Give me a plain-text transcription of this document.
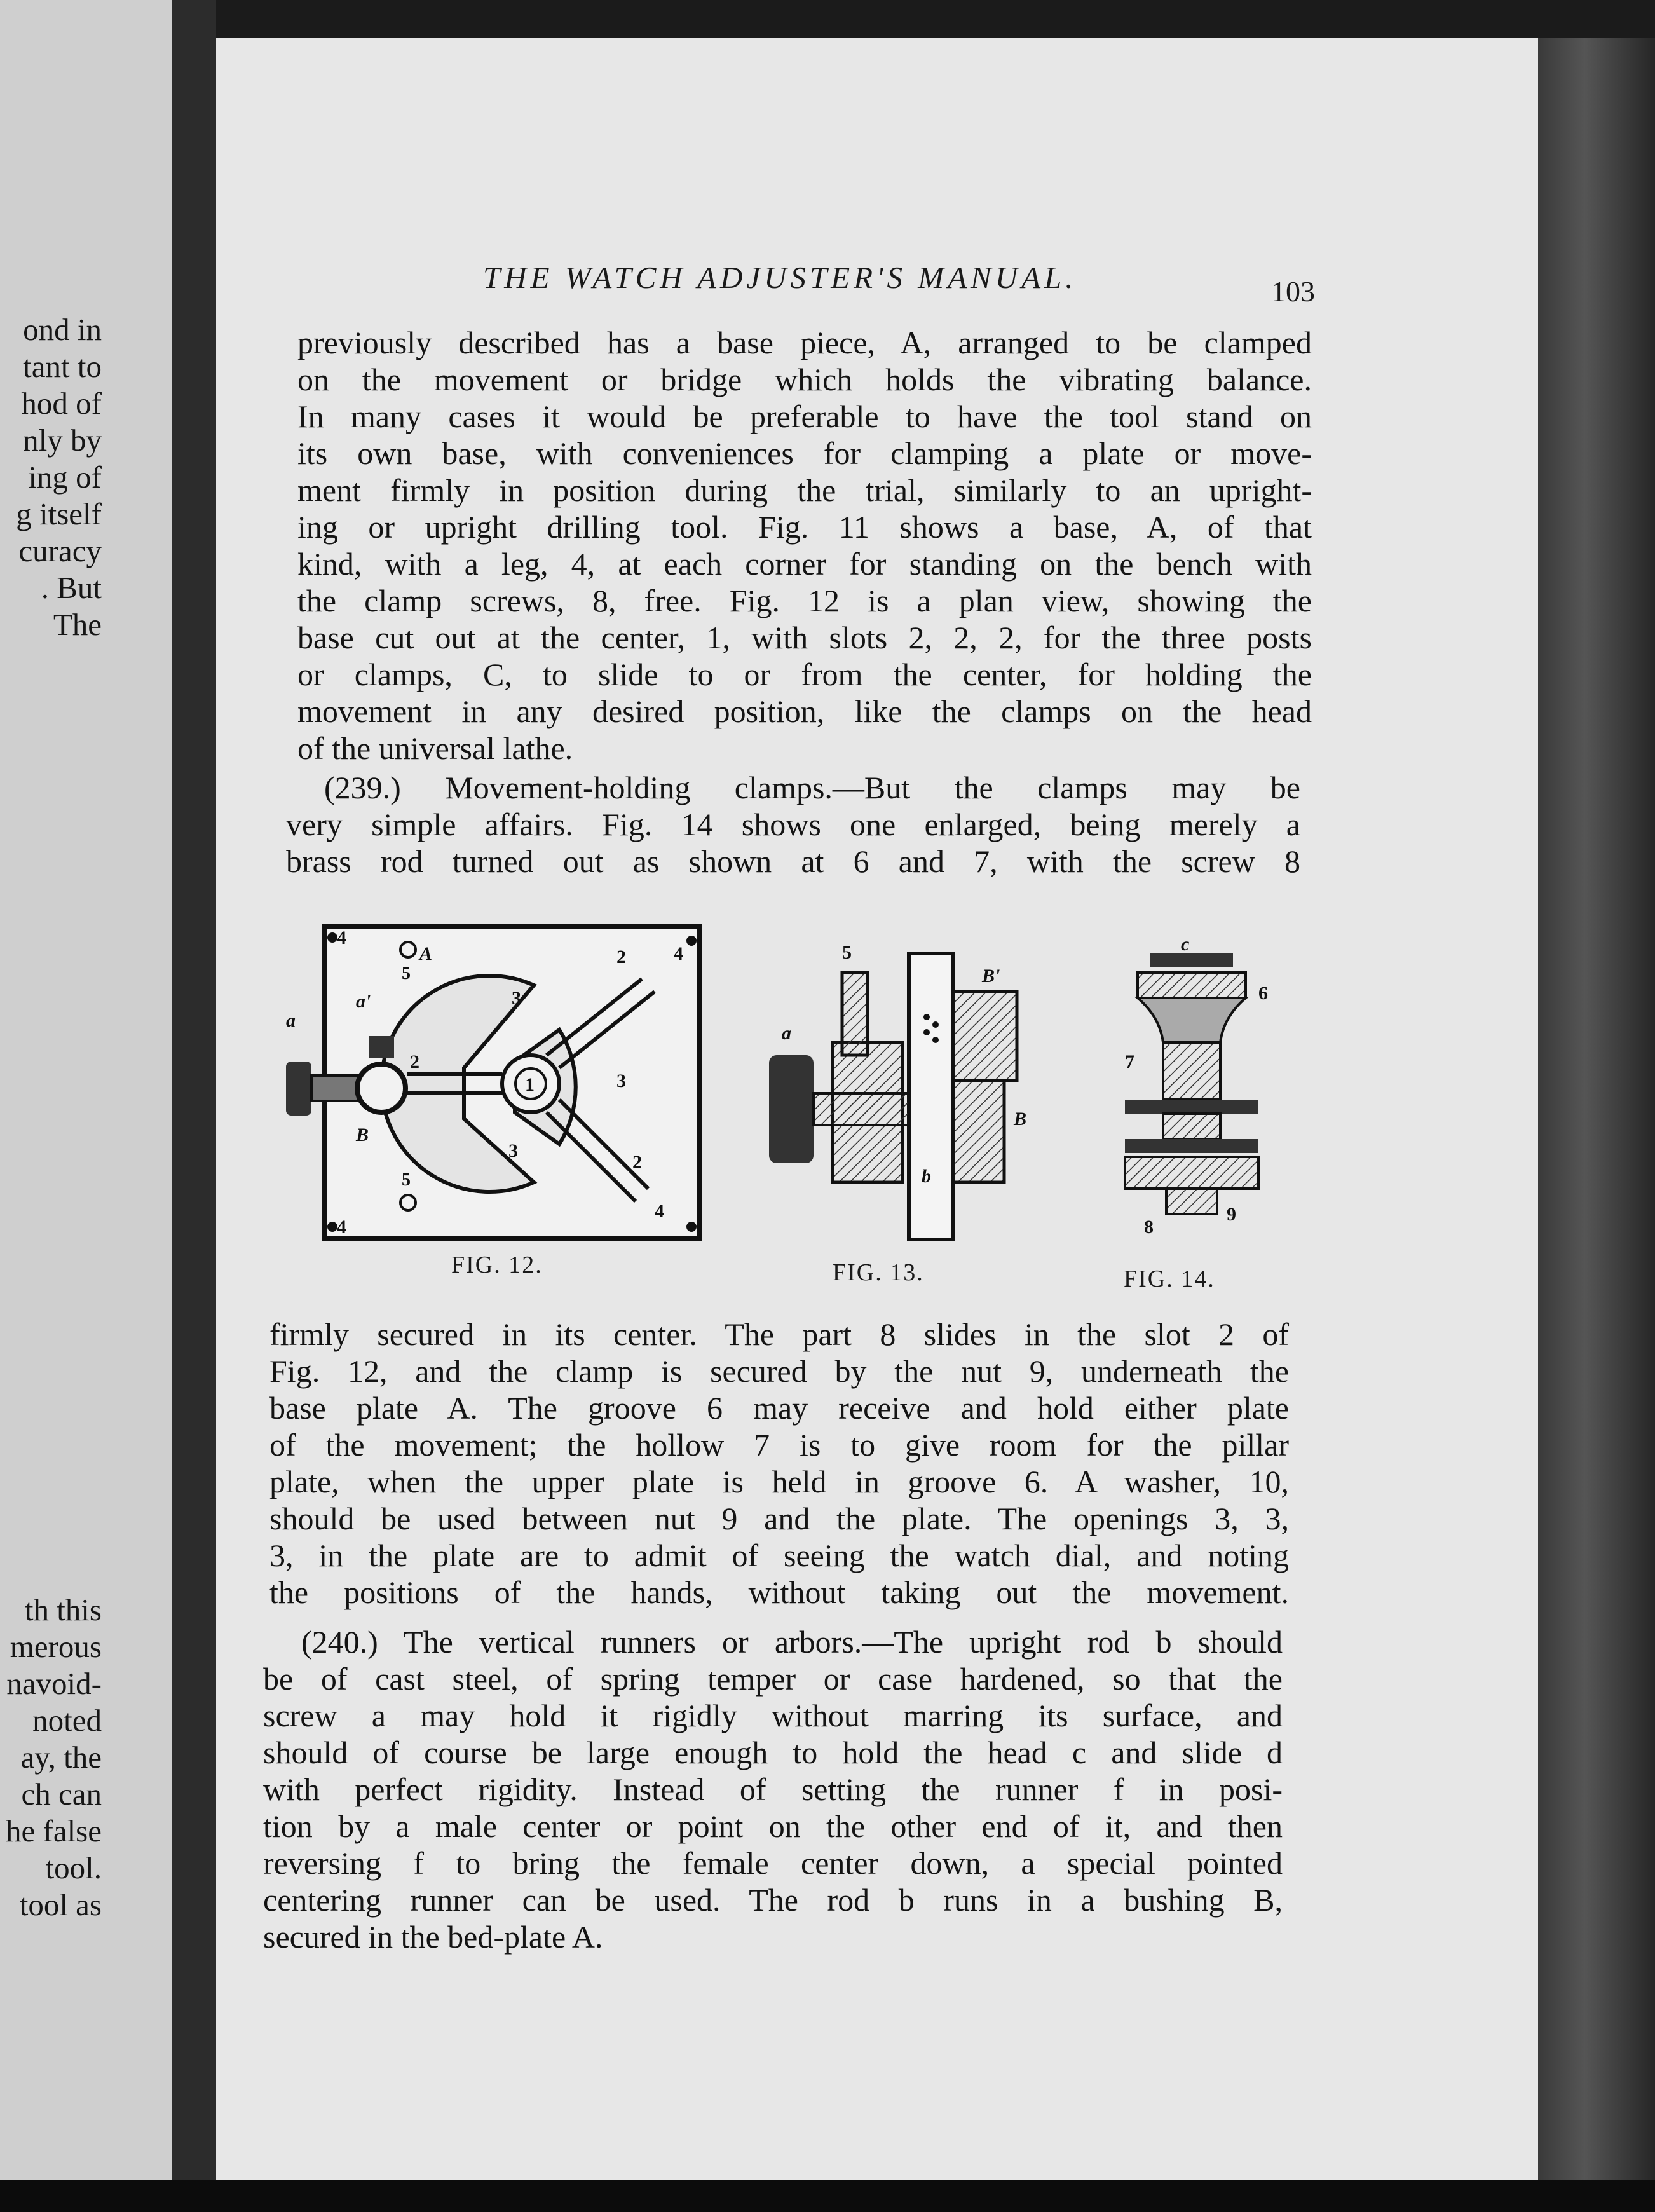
ond in
tant to
hod of
nly by
ing of
g itself
curacy
. But
The
th this
merous
navoid-
noted
ay, the
ch can
he false
tool.
tool as
THE WATCH ADJUSTER'S MANUAL.	103
previously described has a base piece, A, arranged to be clamped
on the movement or bridge which holds the vibrating balance.
In many cases it would be preferable to have the tool stand on
its own base, with conveniences for clamping a plate or move-
ment firmly in position during the trial, similarly to an upright-
ing or upright drilling tool. Fig. 11 shows a base, A, of that
kind, with a leg, 4, at each corner for standing on the bench with
the clamp screws, 8, free. Fig. 12 is a plan view, showing the
base cut out at the center, 1, with slots 2, 2, 2, for the three posts
or clamps, C, to slide to or from the center, for holding the
movement in any desired position, like the clamps on the head
of the universal lathe.
(239.) Movement-holding clamps.—But the clamps may be
very simple affairs. Fig. 14 shows one enlarged, being merely a
brass rod turned out as shown at 6 and 7, with the screw 8
4
5
A	2	4
a
a'	3
2
1	3
B
3
2
5
4
4
FIG. 12.
5
B'
a
B
b
FIG. 13.
c
6
7
8
9
FIG. 14.
firmly secured in its center. The part 8 slides in the slot 2 of
Fig. 12, and the clamp is secured by the nut 9, underneath the
base plate A. The groove 6 may receive and hold either plate
of the movement; the hollow 7 is to give room for the pillar
plate, when the upper plate is held in groove 6. A washer, 10,
should be used between nut 9 and the plate. The openings 3, 3,
3, in the plate are to admit of seeing the watch dial, and noting
the positions of the hands, without taking out the movement.
(240.) The vertical runners or arbors.—The upright rod b should
be of cast steel, of spring temper or case hardened, so that the
screw a may hold it rigidly without marring its surface, and
should of course be large enough to hold the head c and slide d
with perfect rigidity. Instead of setting the runner f in posi-
tion by a male center or point on the other end of it, and then
reversing f to bring the female center down, a special pointed
centering runner can be used. The rod b runs in a bushing B,
secured in the bed-plate A.
